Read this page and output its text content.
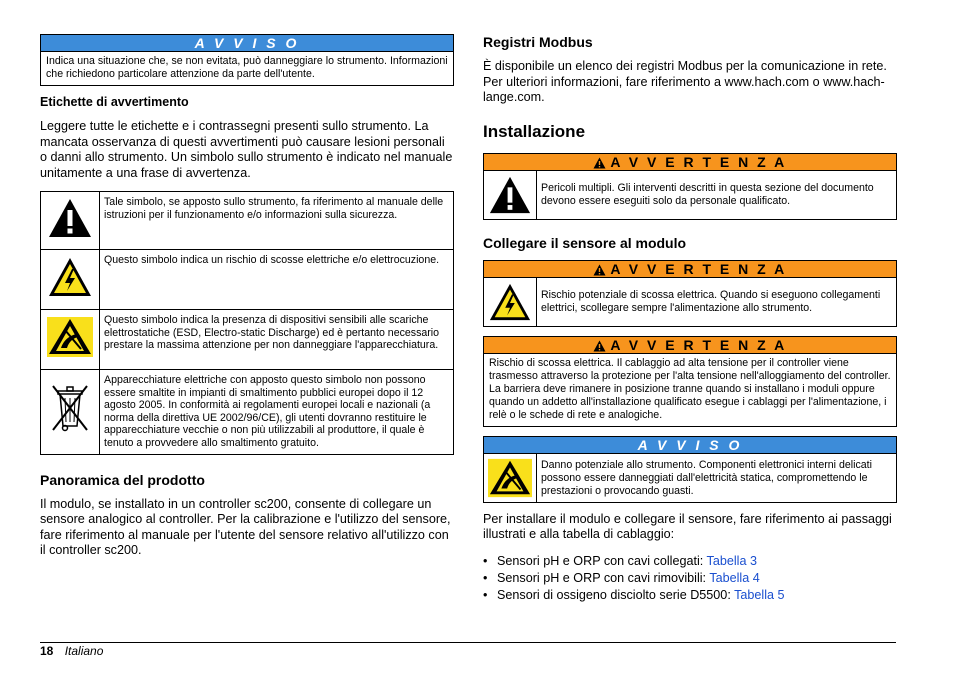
A V V I S O
Indica una situazione che, se non evitata, può danneggiare lo strumento. Informazioni che richiedono particolare attenzione da parte dell'utente.
Etichette di avvertimento

Leggere tutte le etichette e i contrassegni presenti sullo strumento. La mancata osservanza di questi avvertimenti può causare lesioni personali o danni allo strumento. Un simbolo sullo strumento è indicato nel manuale unitamente a una frase di avvertenza.

	Tale simbolo, se apposto sullo strumento, fa riferimento al manuale delle istruzioni per il funzionamento e/o informazioni sulla sicurezza.
	Questo simbolo indica un rischio di scosse elettriche e/o elettrocuzione.
	Questo simbolo indica la presenza di dispositivi sensibili alle scariche elettrostatiche (ESD, Electro-static Discharge) ed è pertanto necessario prestare la massima attenzione per non danneggiare l'apparecchiatura.
	Apparecchiature elettriche con apposto questo simbolo non possono essere smaltite in impianti di smaltimento pubblici europei dopo il 12 agosto 2005. In conformità ai regolamenti europei locali e nazionali (a norma della direttiva UE 2002/96/CE), gli utenti dovranno restituire le apparecchiature vecchie o non più utilizzabili al produttore, il quale è tenuto a provvedere allo smaltimento gratuito.
Panoramica del prodotto

Il modulo, se installato in un controller sc200, consente di collegare un sensore analogico al controller. Per la calibrazione e l'utilizzo del sensore, fare riferimento al manuale per l'utente del sensore relativo all'utilizzo con il controller sc200.

Registri Modbus

È disponibile un elenco dei registri Modbus per la comunicazione in rete. Per ulteriori informazioni, fare riferimento a www.hach.com o www.hach-lange.com.

Installazione
A V V E R T E N Z A
Pericoli multipli. Gli interventi descritti in questa sezione del documento devono essere eseguiti solo da personale qualificato.
Collegare il sensore al modulo
A V V E R T E N Z A
Rischio potenziale di scossa elettrica. Quando si eseguono collegamenti elettrici, scollegare sempre l'alimentazione allo strumento.
A V V E R T E N Z A
Rischio di scossa elettrica. Il cablaggio ad alta tensione per il controller viene trasmesso attraverso la protezione per l'alta tensione nell'alloggiamento del controller. La barriera deve rimanere in posizione tranne quando si installano i moduli oppure quando un addetto all'installazione qualificato esegue i cablaggi per l'alimentazione, i relè o le schede di rete e analogiche.
A V V I S O
Danno potenziale allo strumento. Componenti elettronici interni delicati possono essere danneggiati dall'elettricità statica, compromettendo le prestazioni o provocando guasti.

Per installare il modulo e collegare il sensore, fare riferimento ai passaggi illustrati e alla tabella di cablaggio:

• Sensori pH e ORP con cavi collegati: Tabella 3
• Sensori pH e ORP con cavi rimovibili: Tabella 4
• Sensori di ossigeno disciolto serie D5500: Tabella 5
18 Italiano
